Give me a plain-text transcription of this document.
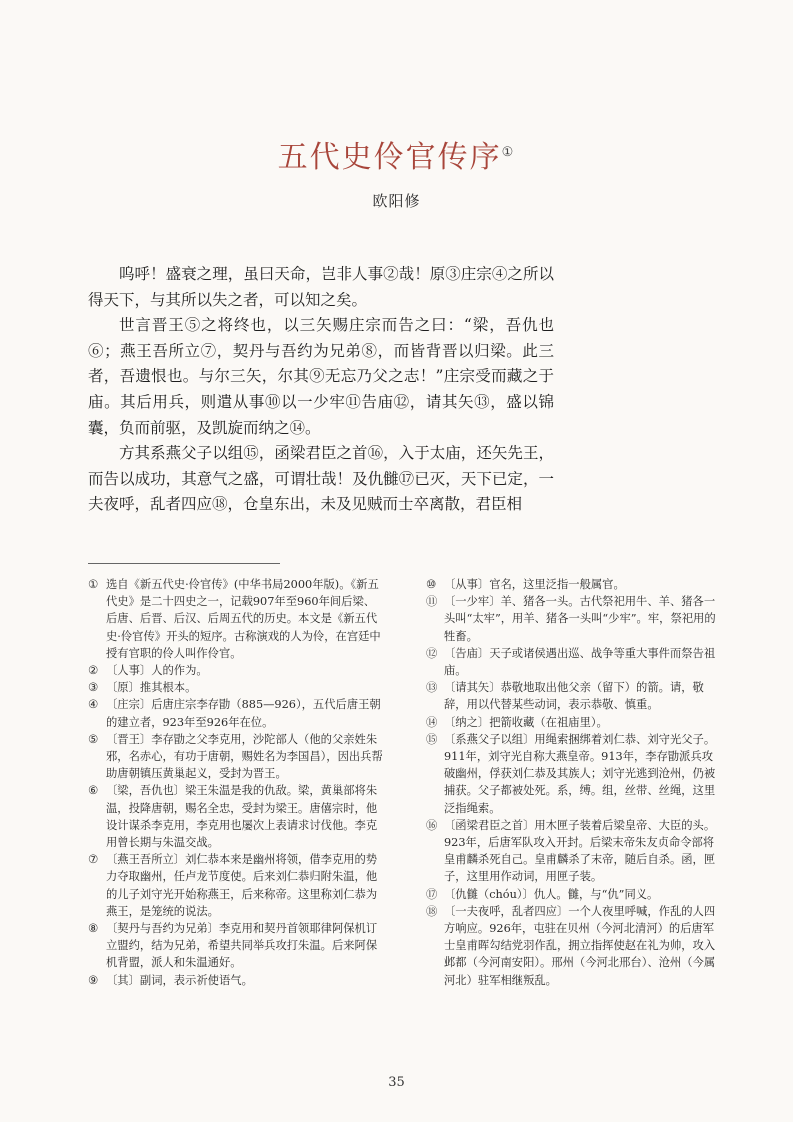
五代史伶官传序①
欧阳修

呜呼！盛衰之理，虽曰天命，岂非人事②哉！原③庄宗④之所以得天下，与其所以失之者，可以知之矣。

世言晋王⑤之将终也，以三矢赐庄宗而告之曰：“梁，吾仇也⑥；燕王吾所立⑦，契丹与吾约为兄弟⑧，而皆背晋以归梁。此三者，吾遗恨也。与尔三矢，尔其⑨无忘乃父之志！”庄宗受而藏之于庙。其后用兵，则遣从事⑩以一少牢⑪告庙⑫，请其矢⑬，盛以锦囊，负而前驱，及凯旋而纳之⑭。

方其系燕父子以组⑮，函梁君臣之首⑯，入于太庙，还矢先王，而告以成功，其意气之盛，可谓壮哉！及仇雠⑰已灭，天下已定，一夫夜呼，乱者四应⑱，仓皇东出，未及见贼而士卒离散，君臣相

① 选自《新五代史·伶官传》(中华书局2000年版)。《新五代史》是二十四史之一，记载907年至960年间后梁、后唐、后晋、后汉、后周五代的历史。本文是《新五代史·伶官传》开头的短序。古称演戏的人为伶，在宫廷中授有官职的伶人叫作伶官。
② 〔人事〕人的作为。
③ 〔原〕推其根本。
④ 〔庄宗〕后唐庄宗李存勖（885—926），五代后唐王朝的建立者，923年至926年在位。
⑤ 〔晋王〕李存勖之父李克用，沙陀部人（他的父亲姓朱邪，名赤心，有功于唐朝，赐姓名为李国昌），因出兵帮助唐朝镇压黄巢起义，受封为晋王。
⑥ 〔梁，吾仇也〕梁王朱温是我的仇敌。梁，黄巢部将朱温，投降唐朝，赐名全忠，受封为梁王。唐僖宗时，他设计谋杀李克用，李克用也屡次上表请求讨伐他。李克用曾长期与朱温交战。
⑦ 〔燕王吾所立〕刘仁恭本来是幽州将领，借李克用的势力夺取幽州，任卢龙节度使。后来刘仁恭归附朱温，他的儿子刘守光开始称燕王，后来称帝。这里称刘仁恭为燕王，是笼统的说法。
⑧ 〔契丹与吾约为兄弟〕李克用和契丹首领耶律阿保机订立盟约，结为兄弟，希望共同举兵攻打朱温。后来阿保机背盟，派人和朱温通好。
⑨ 〔其〕副词，表示祈使语气。
⑩ 〔从事〕官名，这里泛指一般属官。
⑪ 〔一少牢〕羊、猪各一头。古代祭祀用牛、羊、猪各一头叫“太牢”，用羊、猪各一头叫“少牢”。牢，祭祀用的牲畜。
⑫ 〔告庙〕天子或诸侯遇出巡、战争等重大事件而祭告祖庙。
⑬ 〔请其矢〕恭敬地取出他父亲（留下）的箭。请，敬辞，用以代替某些动词，表示恭敬、慎重。
⑭ 〔纳之〕把箭收藏（在祖庙里）。
⑮ 〔系燕父子以组〕用绳索捆绑着刘仁恭、刘守光父子。911年，刘守光自称大燕皇帝。913年，李存勖派兵攻破幽州，俘获刘仁恭及其族人；刘守光逃到沧州，仍被捕获。父子都被处死。系，缚。组，丝带、丝绳，这里泛指绳索。
⑯ 〔函梁君臣之首〕用木匣子装着后梁皇帝、大臣的头。923年，后唐军队攻入开封。后梁末帝朱友贞命令部将皇甫麟杀死自己。皇甫麟杀了末帝，随后自杀。函，匣子，这里用作动词，用匣子装。
⑰ 〔仇雠（chóu）〕仇人。雠，与“仇”同义。
⑱ 〔一夫夜呼，乱者四应〕一个人夜里呼喊，作乱的人四方响应。926年，屯驻在贝州（今河北清河）的后唐军士皇甫晖勾结党羽作乱，拥立指挥使赵在礼为帅，攻入邺都（今河南安阳）。邢州（今河北邢台）、沧州（今属河北）驻军相继叛乱。
35
